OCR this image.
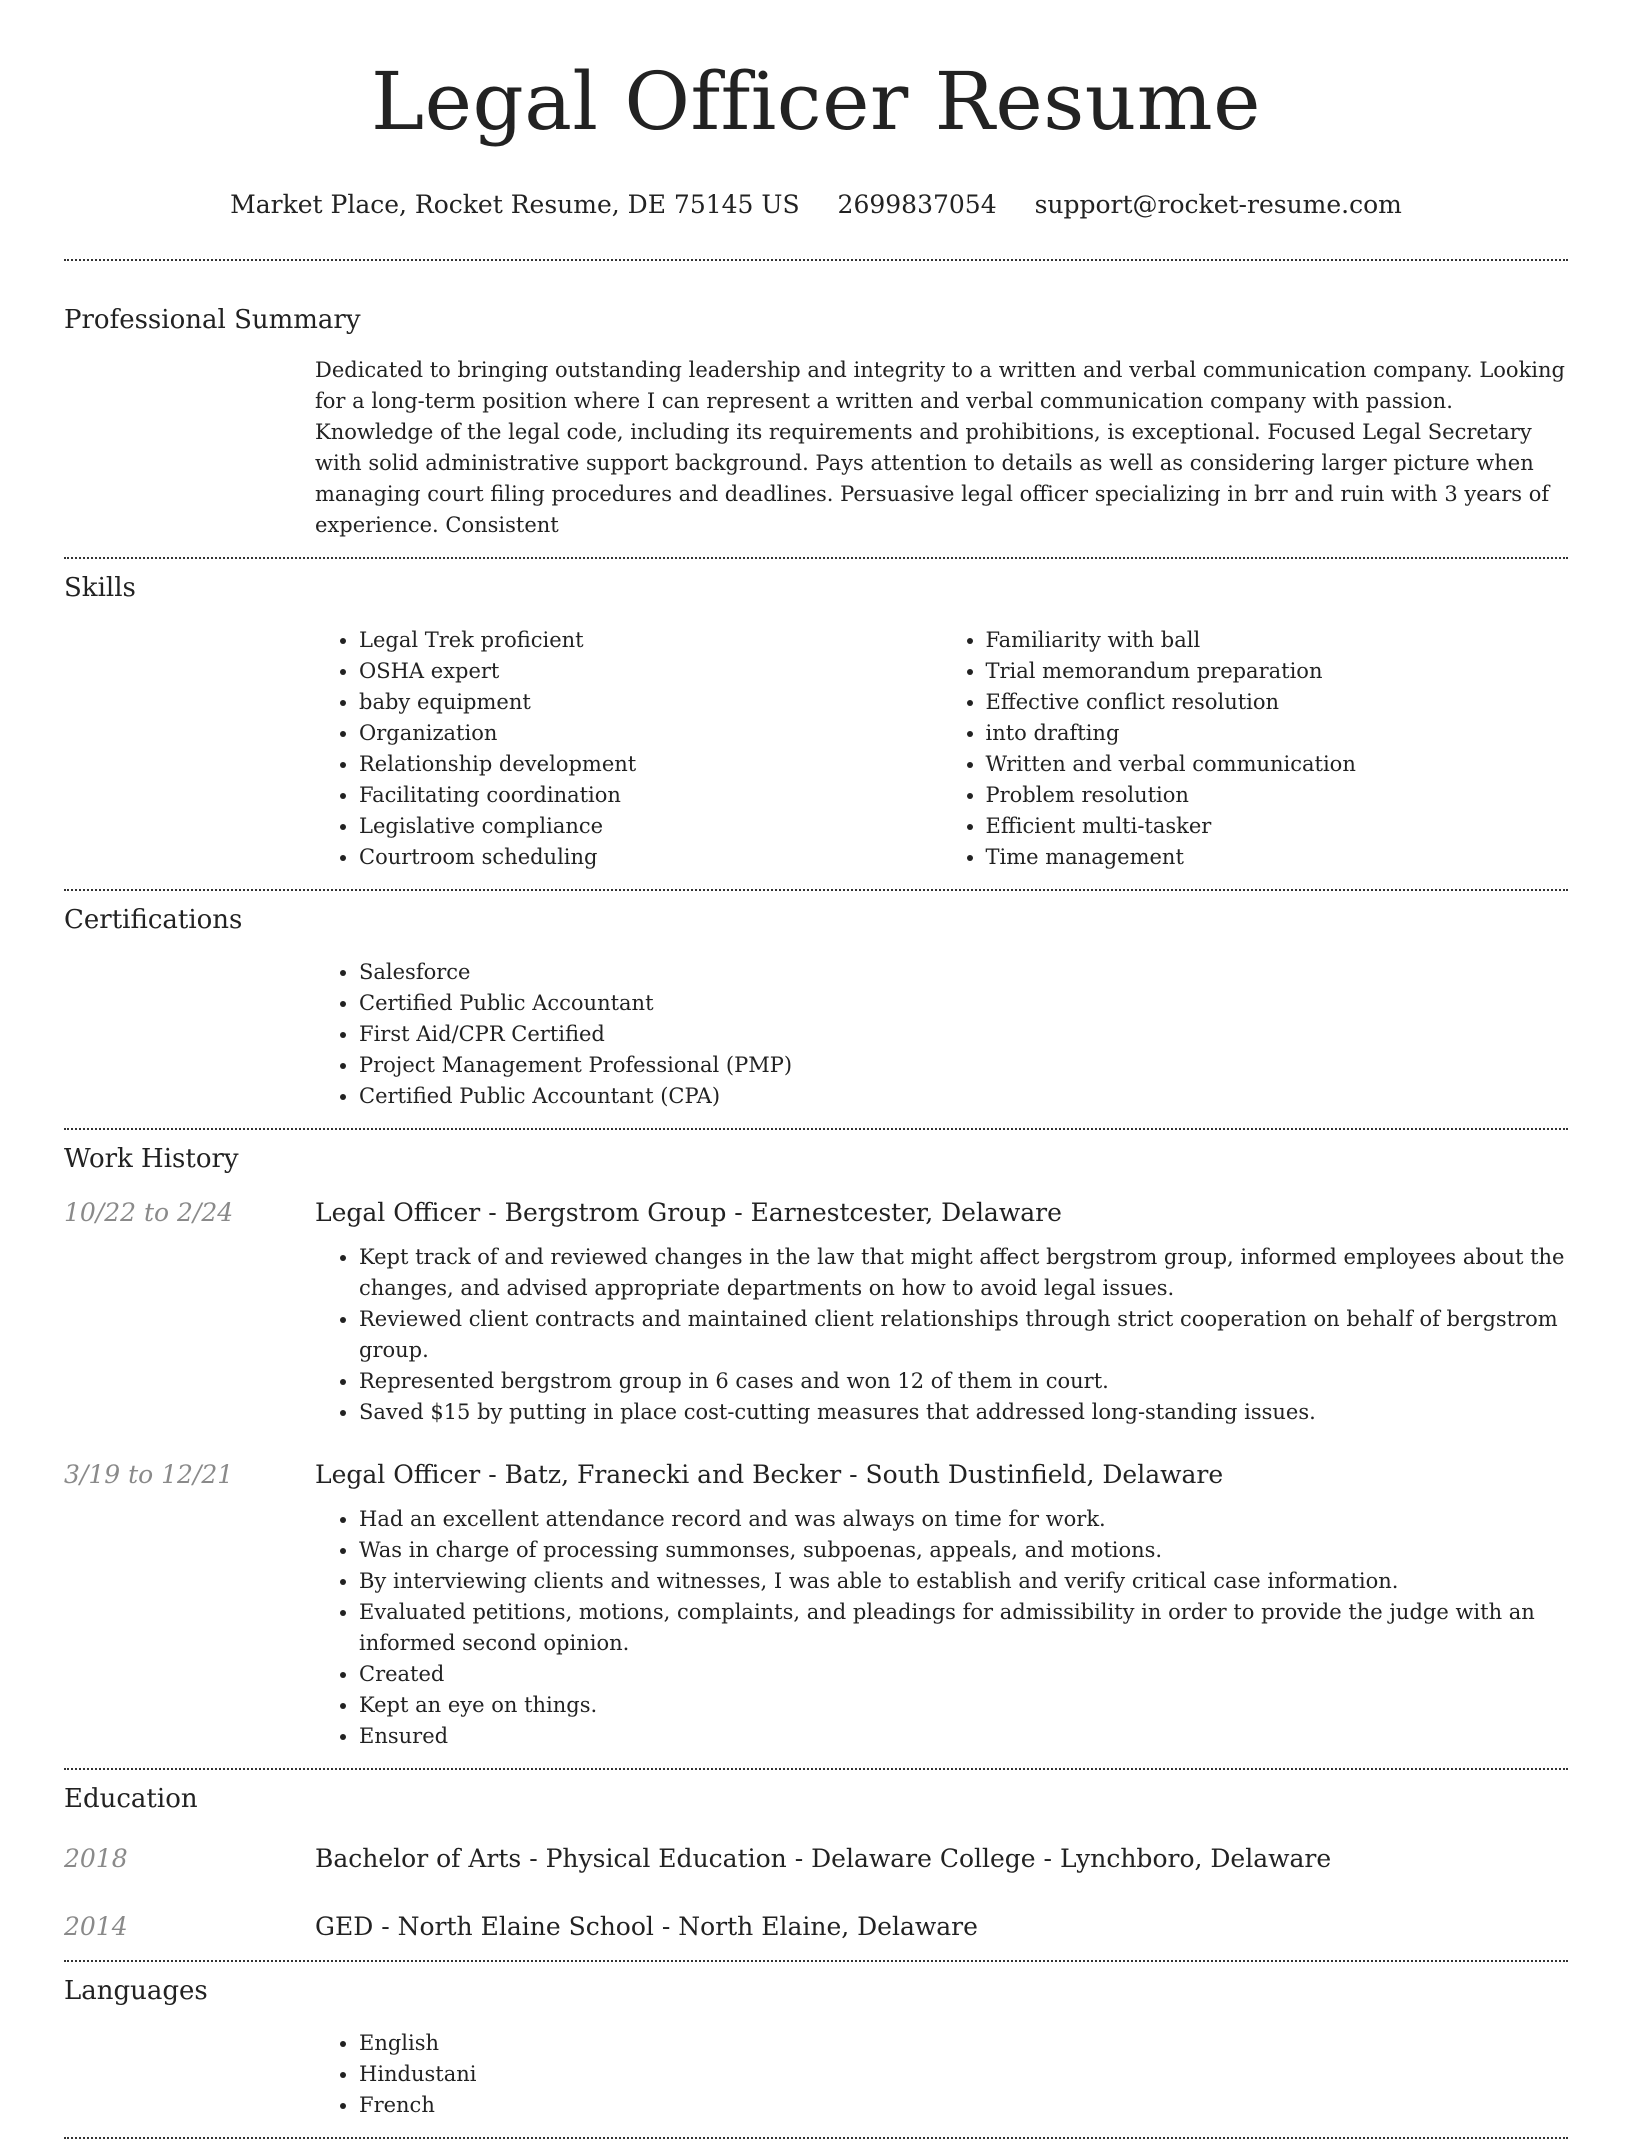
Legal Officer Resume
Market Place, Rocket Resume, DE 75145 US 2699837054 support@rocket-resume.com
Professional Summary
Dedicated to bringing outstanding leadership and integrity to a written and verbal communication company. Looking for a long-term position where I can represent a written and verbal communication company with passion. Knowledge of the legal code, including its requirements and prohibitions, is exceptional. Focused Legal Secretary with solid administrative support background. Pays attention to details as well as considering larger picture when managing court filing procedures and deadlines. Persuasive legal officer specializing in brr and ruin with 3 years of experience. Consistent
Skills
• Legal Trek proficient
• OSHA expert
• baby equipment
• Organization
• Relationship development
• Facilitating coordination
• Legislative compliance
• Courtroom scheduling
• Familiarity with ball
• Trial memorandum preparation
• Effective conflict resolution
• into drafting
• Written and verbal communication
• Problem resolution
• Efficient multi-tasker
• Time management
Certifications
• Salesforce
• Certified Public Accountant
• First Aid/CPR Certified
• Project Management Professional (PMP)
• Certified Public Accountant (CPA)
Work History
10/22 to 2/24	Legal Officer - Bergstrom Group - Earnestcester, Delaware
• Kept track of and reviewed changes in the law that might affect bergstrom group, informed employees about the changes, and advised appropriate departments on how to avoid legal issues.
• Reviewed client contracts and maintained client relationships through strict cooperation on behalf of bergstrom group.
• Represented bergstrom group in 6 cases and won 12 of them in court.
• Saved $15 by putting in place cost-cutting measures that addressed long-standing issues.
3/19 to 12/21	Legal Officer - Batz, Franecki and Becker - South Dustinfield, Delaware
• Had an excellent attendance record and was always on time for work.
• Was in charge of processing summonses, subpoenas, appeals, and motions.
• By interviewing clients and witnesses, I was able to establish and verify critical case information.
• Evaluated petitions, motions, complaints, and pleadings for admissibility in order to provide the judge with an informed second opinion.
• Created
• Kept an eye on things.
• Ensured
Education
2018	Bachelor of Arts - Physical Education - Delaware College - Lynchboro, Delaware
2014	GED - North Elaine School - North Elaine, Delaware
Languages
• English
• Hindustani
• French
